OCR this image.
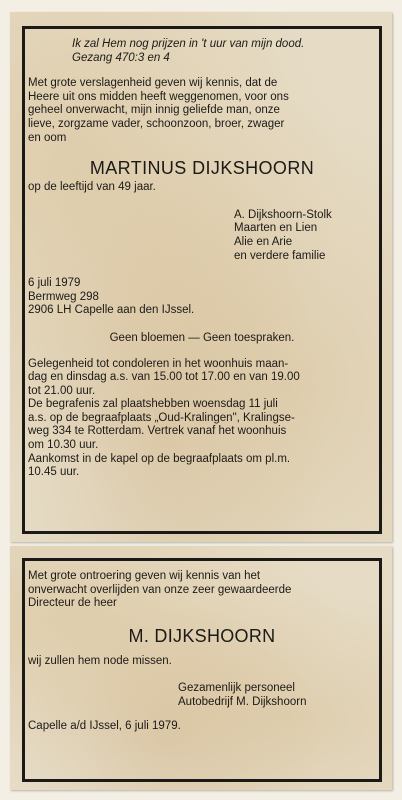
Ik zal Hem nog prijzen in 't uur van mijn dood.
Gezang 470:3 en 4

Met grote verslagenheid geven wij kennis, dat de
Heere uit ons midden heeft weggenomen, voor ons
geheel onverwacht, mijn innig geliefde man, onze
lieve, zorgzame vader, schoonzoon, broer, zwager
en oom

MARTINUS DIJKSHOORN

op de leeftijd van 49 jaar.

A. Dijkshoorn-Stolk
Maarten en Lien
Alie en Arie
en verdere familie

6 juli 1979
Bermweg 298
2906 LH Capelle aan den IJssel.

Geen bloemen — Geen toespraken.

Gelegenheid tot condoleren in het woonhuis maan-
dag en dinsdag a.s. van 15.00 tot 17.00 en van 19.00
tot 21.00 uur.

De begrafenis zal plaatshebben woensdag 11 juli
a.s. op de begraafplaats „Oud-Kralingen", Kralingse-
weg 334 te Rotterdam. Vertrek vanaf het woonhuis
om 10.30 uur.
Aankomst in de kapel op de begraafplaats om pl.m.
10.45 uur.

Met grote ontroering geven wij kennis van het
onverwacht overlijden van onze zeer gewaardeerde
Directeur de heer

M. DIJKSHOORN

wij zullen hem node missen.

Gezamenlijk personeel
Autobedrijf M. Dijkshoorn

Capelle a/d IJssel, 6 juli 1979.
